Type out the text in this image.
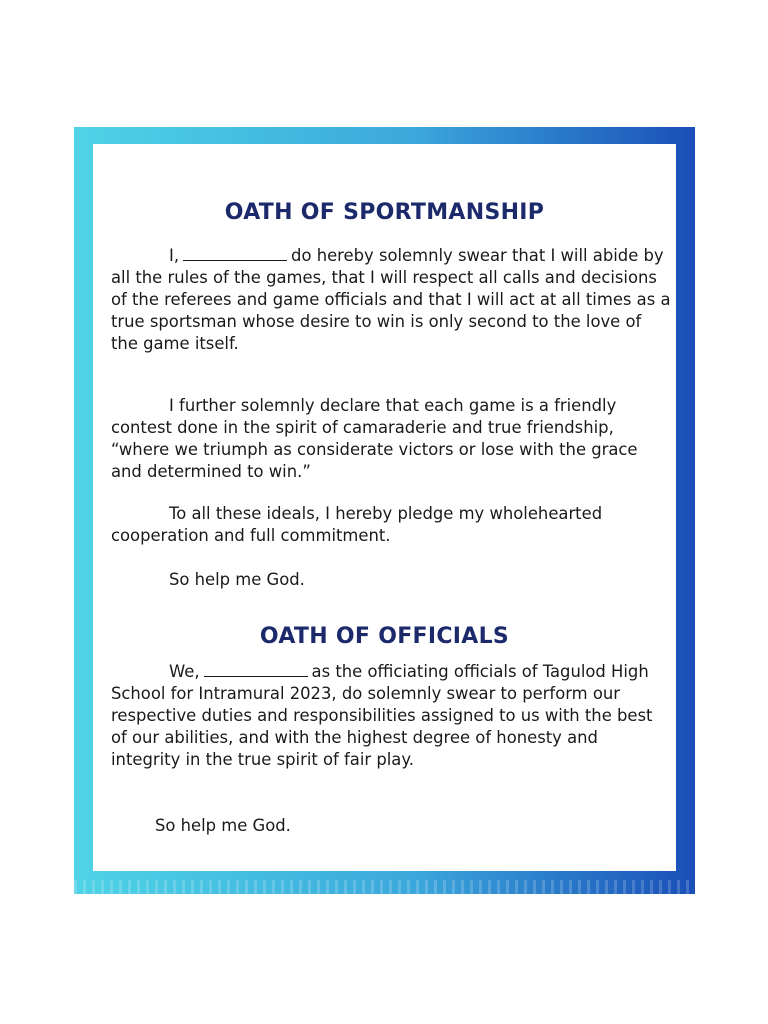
OATH OF SPORTMANSHIP

I,	do hereby solemnly swear that I will abide by all the rules of the games, that I will respect all calls and decisions of the referees and game officials and that I will act at all times as a true sportsman whose desire to win is only second to the love of the game itself.

I further solemnly declare that each game is a friendly contest done in the spirit of camaraderie and true friendship, “where we triumph as considerate victors or lose with the grace and determined to win.”

To all these ideals, I hereby pledge my wholehearted cooperation and full commitment.

So help me God.

OATH OF OFFICIALS

We,	as the officiating officials of Tagulod High School for Intramural 2023, do solemnly swear to perform our respective duties and responsibilities assigned to us with the best of our abilities, and with the highest degree of honesty and integrity in the true spirit of fair play.

So help me God.
